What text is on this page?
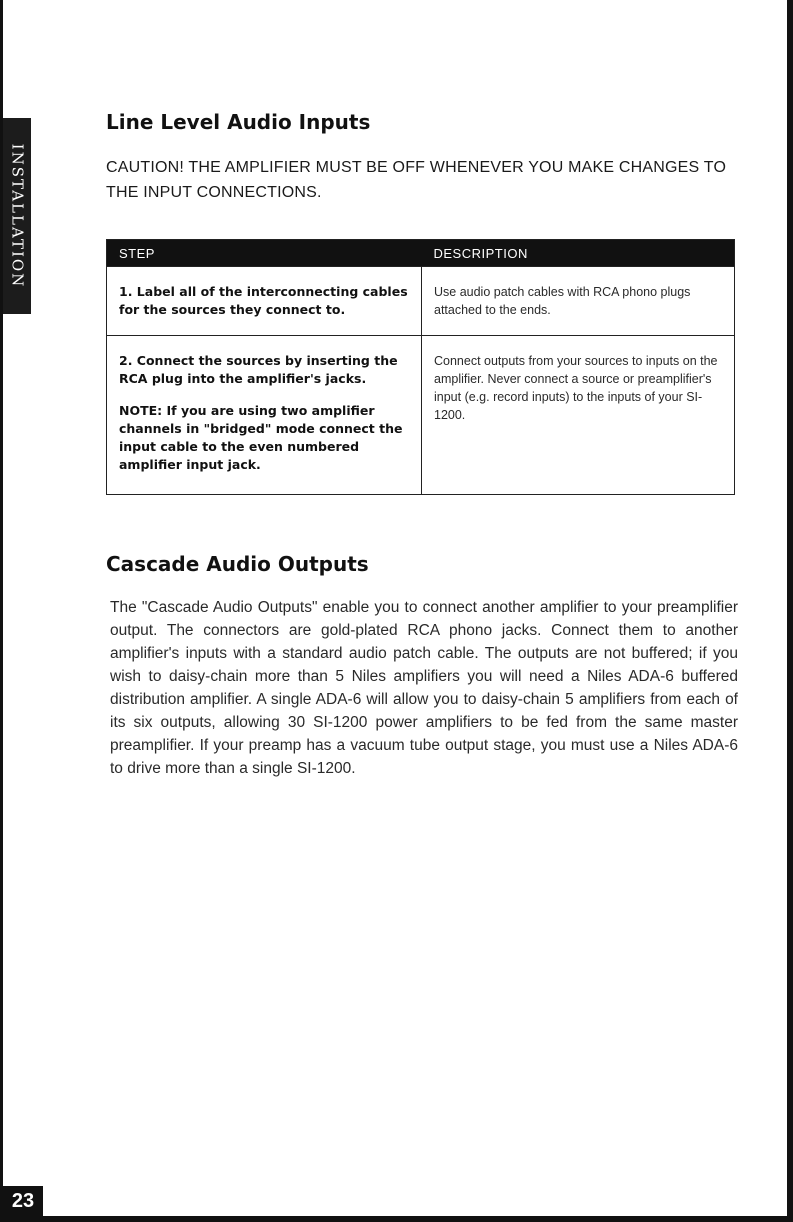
INSTALLATION
23
Line Level Audio Inputs

CAUTION! THE AMPLIFIER MUST BE OFF WHENEVER YOU MAKE CHANGES TO THE INPUT CONNECTIONS.

STEP	DESCRIPTION

1. Label all of the interconnecting cables for the sources they connect to.	Use audio patch cables with RCA phono plugs attached to the ends.

2. Connect the sources by inserting the RCA plug into the amplifier's jacks.

NOTE: If you are using two amplifier channels in "bridged" mode connect the input cable to the even numbered amplifier input jack.	Connect outputs from your sources to inputs on the amplifier. Never connect a source or preamplifier's input (e.g. record inputs) to the inputs of your SI-1200.
Cascade Audio Outputs

The "Cascade Audio Outputs" enable you to connect another amplifier to your preamplifier output. The connectors are gold-plated RCA phono jacks. Connect them to another amplifier's inputs with a standard audio patch cable. The outputs are not buffered; if you wish to daisy-chain more than 5 Niles amplifiers you will need a Niles ADA-6 buffered distribution amplifier. A single ADA-6 will allow you to daisy-chain 5 amplifiers from each of its six outputs, allowing 30 SI-1200 power amplifiers to be fed from the same master preamplifier. If your preamp has a vacuum tube output stage, you must use a Niles ADA-6 to drive more than a single SI-1200.
